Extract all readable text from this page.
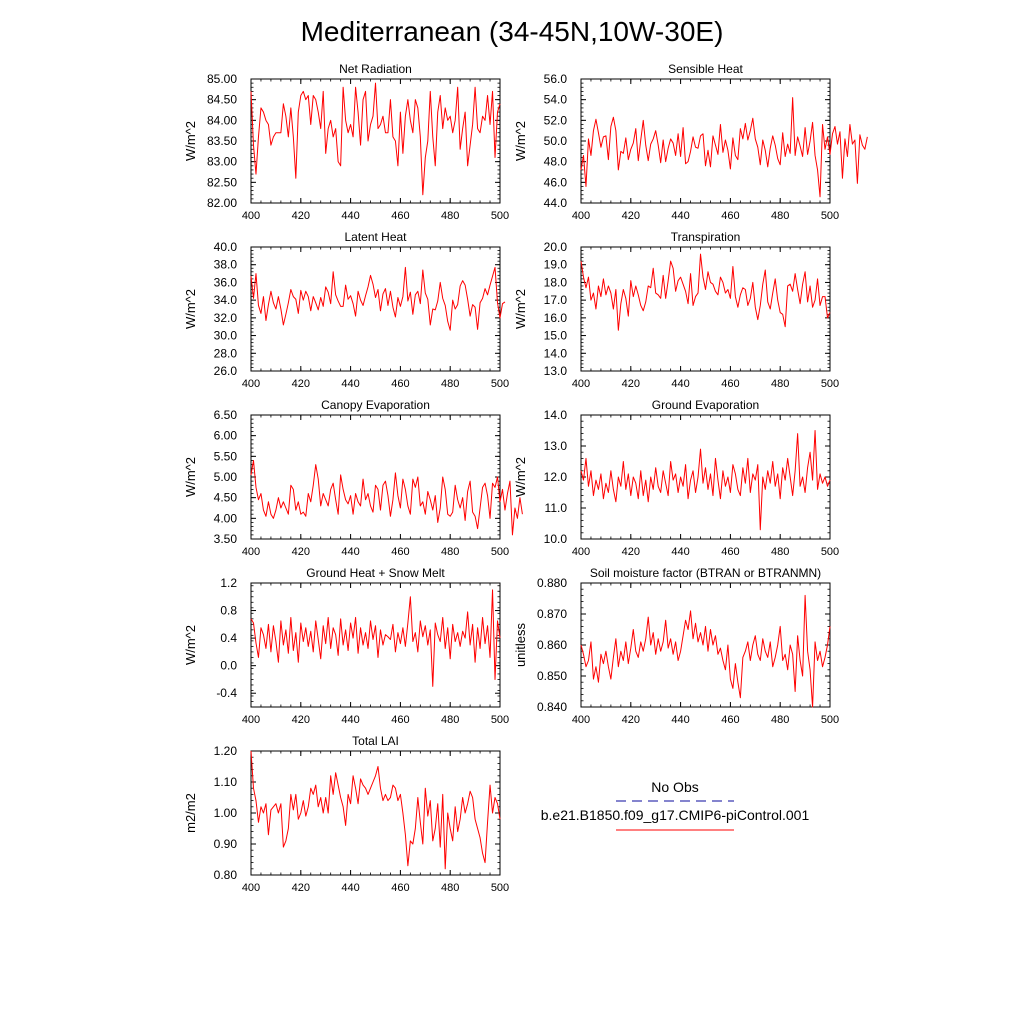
Mediterranean (34-45N,10W-30E)
400	420	440	460	480	500
82.00
82.50
83.00
83.50
84.00
84.50
85.00
Net Radiation
W/m^2
400	420	440	460	480	500
44.0
46.0
48.0
50.0
52.0
54.0
56.0
Sensible Heat
W/m^2
400	420	440	460	480	500
26.0
28.0
30.0
32.0
34.0
36.0
38.0
40.0
Latent Heat
W/m^2
400	420	440	460	480	500
13.0
14.0
15.0
16.0
17.0
18.0
19.0
20.0
Transpiration
W/m^2
400	420	440	460	480	500
3.50
4.00
4.50
5.00
5.50
6.00
6.50
Canopy Evaporation
W/m^2
400	420	440	460	480	500
10.0
11.0
12.0
13.0
14.0
Ground Evaporation
W/m^2
400	420	440	460	480	500
-0.4
0.0
0.4
0.8
1.2
Ground Heat + Snow Melt
W/m^2
400	420	440	460	480	500
0.840
0.850
0.860
0.870
0.880
Soil moisture factor (BTRAN or BTRANMN)
unitless
400	420	440	460	480	500
0.80
0.90
1.00
1.10
1.20
Total LAI
m2/m2
No Obs
b.e21.B1850.f09_g17.CMIP6-piControl.001
